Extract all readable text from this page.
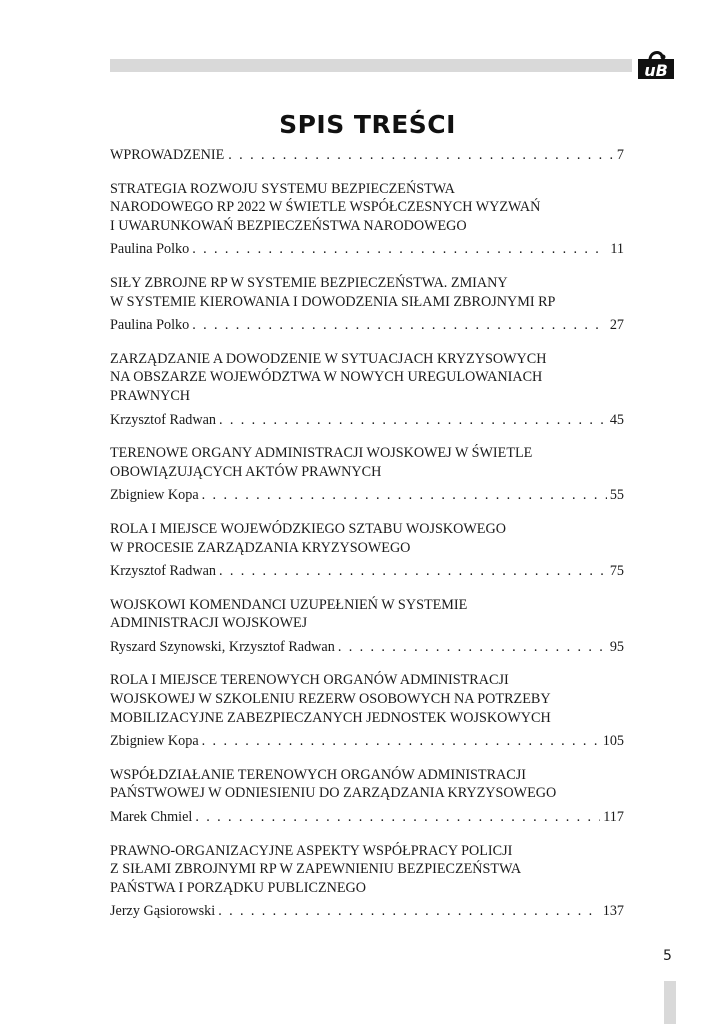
uB
SPIS TREŚCI
WPROWADZENIE . . .	7
STRATEGIA ROZWOJU SYSTEMU BEZPIECZEŃSTWA
NARODOWEGO RP 2022 W ŚWIETLE WSPÓŁCZESNYCH WYZWAŃ
I UWARUNKOWAŃ BEZPIECZEŃSTWA NARODOWEGO
Paulina Polko . . .	11
SIŁY ZBROJNE RP W SYSTEMIE BEZPIECZEŃSTWA. ZMIANY
W SYSTEMIE KIEROWANIA I DOWODZENIA SIŁAMI ZBROJNYMI RP
Paulina Polko . . .	27
ZARZĄDZANIE A DOWODZENIE W SYTUACJACH KRYZYSOWYCH
NA OBSZARZE WOJEWÓDZTWA W NOWYCH UREGULOWANIACH
PRAWNYCH
Krzysztof Radwan . . .	45
TERENOWE ORGANY ADMINISTRACJI WOJSKOWEJ W ŚWIETLE
OBOWIĄZUJĄCYCH AKTÓW PRAWNYCH
Zbigniew Kopa . . .	55
ROLA I MIEJSCE WOJEWÓDZKIEGO SZTABU WOJSKOWEGO
W PROCESIE ZARZĄDZANIA KRYZYSOWEGO
Krzysztof Radwan . . .	75
WOJSKOWI KOMENDANCI UZUPEŁNIEŃ W SYSTEMIE
ADMINISTRACJI WOJSKOWEJ
Ryszard Szynowski, Krzysztof Radwan . . .	95
ROLA I MIEJSCE TERENOWYCH ORGANÓW ADMINISTRACJI
WOJSKOWEJ W SZKOLENIU REZERW OSOBOWYCH NA POTRZEBY
MOBILIZACYJNE ZABEZPIECZANYCH JEDNOSTEK WOJSKOWYCH
Zbigniew Kopa . . .	105
WSPÓŁDZIAŁANIE TERENOWYCH ORGANÓW ADMINISTRACJI
PAŃSTWOWEJ W ODNIESIENIU DO ZARZĄDZANIA KRYZYSOWEGO
Marek Chmiel . . .	117
PRAWNO-ORGANIZACYJNE ASPEKTY WSPÓŁPRACY POLICJI
Z SIŁAMI ZBROJNYMI RP W ZAPEWNIENIU BEZPIECZEŃSTWA
PAŃSTWA I PORZĄDKU PUBLICZNEGO
Jerzy Gąsiorowski . . .	137
5
